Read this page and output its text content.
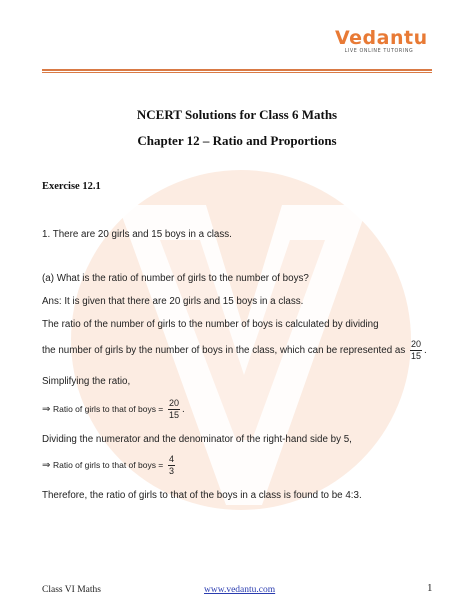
Vedantu
LIVE ONLINE TUTORING
NCERT Solutions for Class 6 Maths
Chapter 12 – Ratio and Proportions
Exercise 12.1
1. There are 20 girls and 15 boys in a class.
(a) What is the ratio of number of girls to the number of boys?
Ans: It is given that there are 20 girls and 15 boys in a class.
The ratio of the number of girls to the number of boys is calculated by dividing
the number of girls by the number of boys in the class, which can be represented as $\frac{20}{15}$ .
Simplifying the ratio,
⇒ Ratio of girls to that of boys = $\frac{20}{15}$ .
Dividing the numerator and the denominator of the right-hand side by 5,
⇒ Ratio of girls to that of boys = $\frac{4}{3}$
Therefore, the ratio of girls to that of the boys in a class is found to be 4:3.
Class VI Maths	www.vedantu.com	1
